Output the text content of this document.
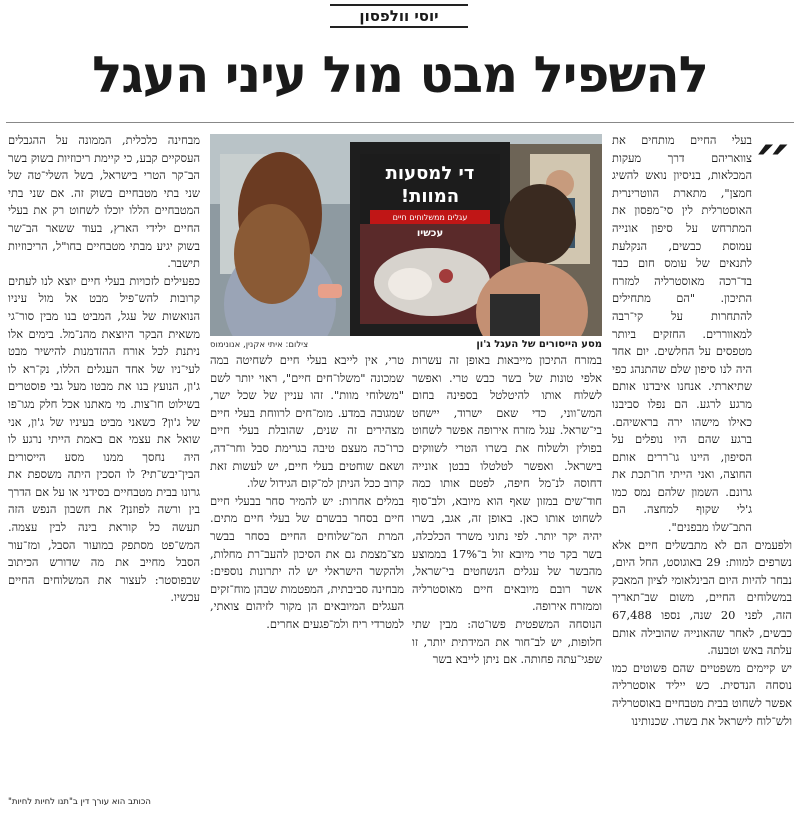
יוסי וולפסון
להשפיל מבט מול עיני העגל
״

בעלי החיים מותחים את צוואריהם דרך מעקות המכלאות, בניסיון נואש להשיג חמצן", מתארת הווטרינרית האוסטרלית לין סי־מפסון את המתרחש על סיפון אונייה עמוסת כבשים, הנקלעת לתנאים של עומס חום כבד בד־רכה מאוסטרליה למזרח התיכון. "הם מתחילים להתחרות על קי־רבה למאווררים. החזקים ביותר מטפסים על החלשים. יום אחד היה לנו סיפון שלם שהתנהג כפי שתיארתי. אנחנו איבדנו אותם מרגע לרגע. הם נפלו סביבנו כאילו מישהו ירה בראשיהם. ברגע שהם היו נופלים על הסיפון, היינו גו־ררים אותם החוצה, ואני הייתי חו־תכת את גרונם. השמון שלהם נמס כמו ג'לי שקוף למחצה. הם התב־שלו מבפנים".

ולפעמים הם לא מתבשלים חיים אלא נשרפים למוות: 29 באוגוסט, החל היום, נבחר להיות היום הבינלאומי לציון המאבק במשלוחים החיים, משום שב־תאריך הזה, לפני 20 שנה, נספו 67,488 כבשים, לאחר שהאונייה שהובילה אותם עלתה באש וטבעה.

יש קיימים משפטיים שהם פשוטים כמו נוסחה הנדסית. כש ייליד אוסטרליה אפשר לשחוט בבית מטבחיים באוסטרליה ולש־לוח לישראל את בשרו. שכנותינו

די למסעות
המוות!
עגלים ממשלוחים חיים
עכשיו
מסע הייסורים של העגל ג'ון
צילום: איתי אקנין, אנונימוס

במזרח התיכון מייבאות באופן זה עשרות אלפי טונות של בשר כבש טרי. ואפשר לשלוח אותו להיטלטל בספינה בחום המש־ווני, כדי שאם ישרוד, יישחט בי־שראל. עגל מזרח אירופה אפשר לשחוט בפולין ולשלוח את בשרו הטרי לשווקים בישראל. ואפשר לטלטלו בבטן אונייה דחוסה לנ־מל חיפה, לפטם אותו כמה חוד־שים במזון שאף הוא מיובא, ולב־סוף לשחוט אותו כאן. באופן זה, אגב, בשרו יהיה יקר יותר. לפי נתוני משרד הכלכלה, בשר בקר טרי מיובא זול ב־17% בממוצע מהבשר של עגלים הנשחטים בי־שראל, אשר רובם מיובאים חיים מאוסטרליה וממזרח אירופה.

הנוסחה המשפטית פשו־טה: מבין שתי חלופות, יש לב־חור את המידתית יותר, זו שפגי־עתה פחותה. אם ניתן לייבא בשר

טרי, אין לייבא בעלי חיים לשחיטה במה שמכונה "משלו־חים חיים", ראוי יותר לשם "משלוחי מוות". זהו עניין של שכל ישר, שמגובה במדע. מומ־חים לרווחת בעלי חיים מצהירים זה שנים, שהובלת בעלי חיים כרו־כה מעצם טיבה בגרימת סבל וחר־דה, ושאם שוחטים בעלי חיים, יש לעשות זאת קרוב ככל הניתן למ־קום הגידול שלו.

במלים אחרות: יש להמיר סחר בבעלי חיים חיים בסחר בבשרם של בעלי חיים מתים. המרת המ־שלוחים החיים בסחר בבשר מצ־מצמת גם את הסיכון להעב־רת מחלות, ולהקשר הישראלי יש לה יתרונות נוספים: מבחינה סביבתית, המפטמות שבהן מוח־זקים העגלים המיובאים הן מקור לזיהום צואתי, למטרדי ריח ולמ־פגעים אחרים.

מבחינה כלכלית, הממונה על ההגבלים העסקיים קבע, כי קיימת ריכוזיות בשוק בשר הב־קר הטרי בישראל, בשל השלי־טה של שני בתי מטבחיים בשוק זה. אם שני בתי המטבחיים הללו יוכלו לשחוט רק את בעלי החיים ילידי הארץ, בעוד ששאר הב־שר בשוק יגיע מבתי מטבחיים בחו"ל, הריכוזיות תישבר.

כפעילים לזכויות בעלי חיים יוצא לנו לעתים קרובות להש־פיל מבט אל מול עיניו הנואשות של עגל, המביט בנו מבין סור־גי משאית הבקר היוצאת מהנ־מל. בימים אלו ניתנת לכל אורח ההזדמנות להישיר מבט לעי־ניו של אחד העגלים הללו, נק־רא לו ג'ון, הנועץ בנו את מבטו מעל גבי פוסטרים בשילוט חו־צות. מי מאתנו אכל חלק מגו־פו של ג'ון? כשאני מביט בעיניו של ג'ון, אני שואל את עצמי אם באמת הייתי נרגע לו היה נחסך ממנו מסע הייסורים הבין־יבש־תי? לו הסכין היתה משספת את גרונו בבית מטבחיים בסידני או על אם הדרך בין ורשה לפוזנן? את חשבון הנפש הזה תעשה כל קוראת בינה לבין עצמה. המש־פט מסתפק במועור הסבל, ומז־עור הסבל מחייב את מה שדורש הכיתוב שבפוסטר: לעצור את המשלוחים החיים עכשיו.

הכותב הוא עורך דין ב"תנו לחיות לחיות"
